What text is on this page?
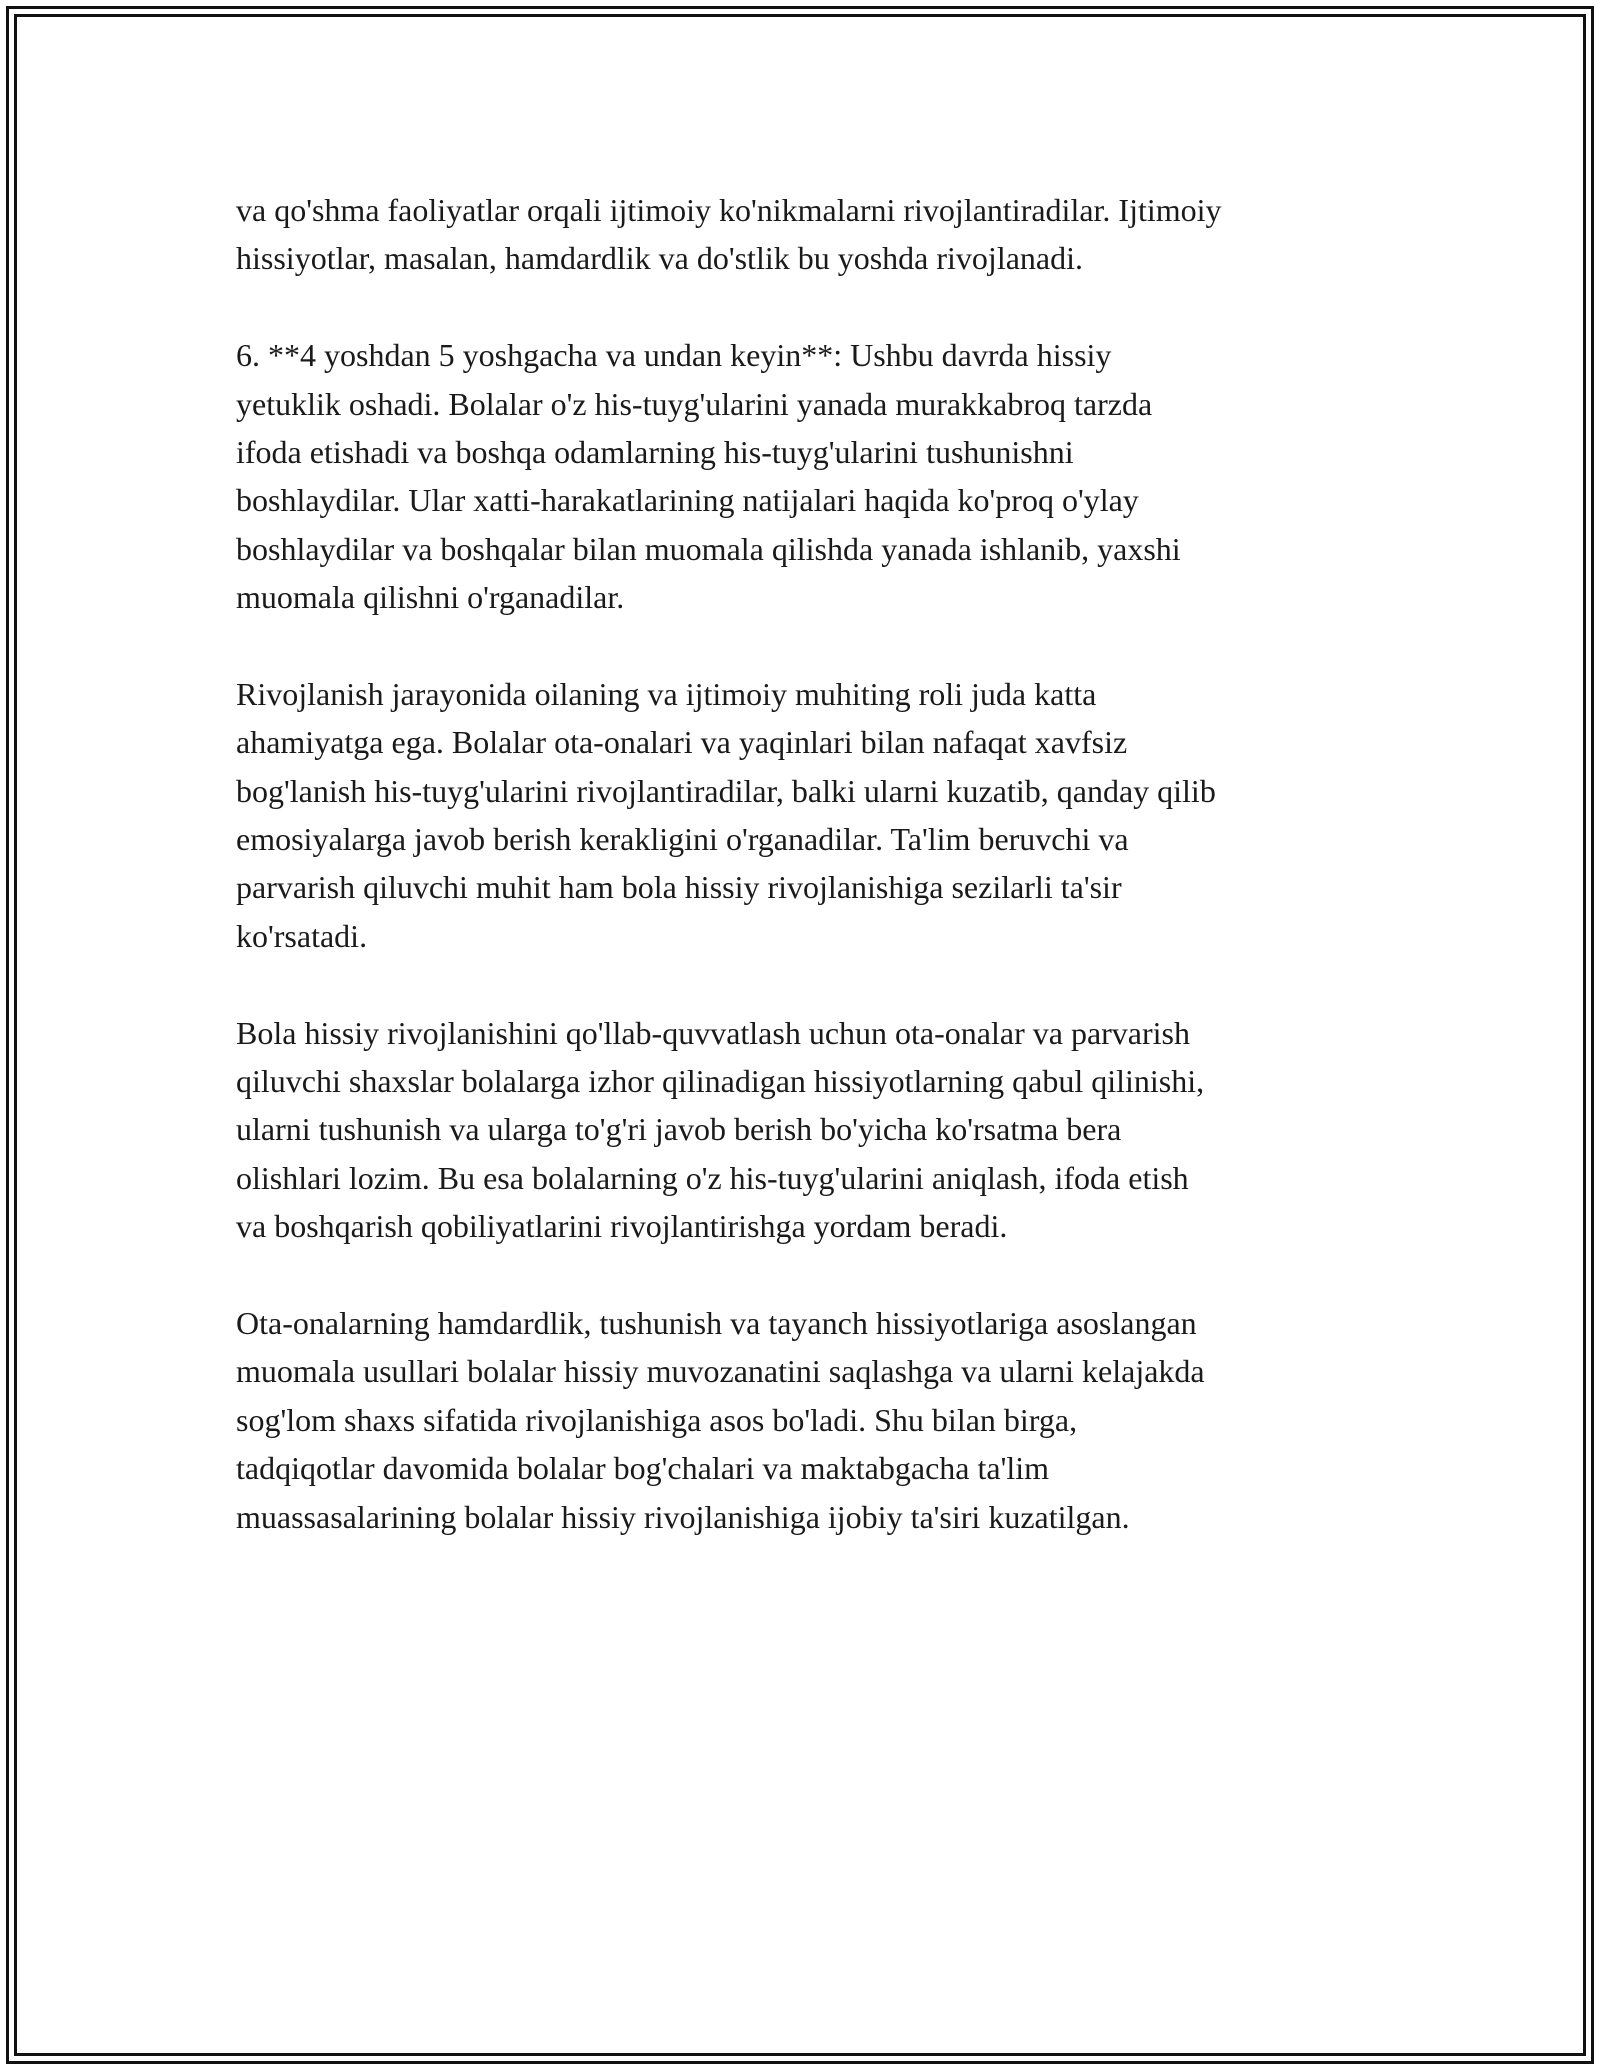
va qo'shma faoliyatlar orqali ijtimoiy ko'nikmalarni rivojlantiradilar. Ijtimoiy
hissiyotlar, masalan, hamdardlik va do'stlik bu yoshda rivojlanadi.
6. **4 yoshdan 5 yoshgacha va undan keyin**: Ushbu davrda hissiy
yetuklik oshadi. Bolalar o'z his-tuyg'ularini yanada murakkabroq tarzda
ifoda etishadi va boshqa odamlarning his-tuyg'ularini tushunishni
boshlaydilar. Ular xatti-harakatlarining natijalari haqida ko'proq o'ylay
boshlaydilar va boshqalar bilan muomala qilishda yanada ishlanib, yaxshi
muomala qilishni o'rganadilar.
Rivojlanish jarayonida oilaning va ijtimoiy muhiting roli juda katta
ahamiyatga ega. Bolalar ota-onalari va yaqinlari bilan nafaqat xavfsiz
bog'lanish his-tuyg'ularini rivojlantiradilar, balki ularni kuzatib, qanday qilib
emosiyalarga javob berish kerakligini o'rganadilar. Ta'lim beruvchi va
parvarish qiluvchi muhit ham bola hissiy rivojlanishiga sezilarli ta'sir
ko'rsatadi.
Bola hissiy rivojlanishini qo'llab-quvvatlash uchun ota-onalar va parvarish
qiluvchi shaxslar bolalarga izhor qilinadigan hissiyotlarning qabul qilinishi,
ularni tushunish va ularga to'g'ri javob berish bo'yicha ko'rsatma bera
olishlari lozim. Bu esa bolalarning o'z his-tuyg'ularini aniqlash, ifoda etish
va boshqarish qobiliyatlarini rivojlantirishga yordam beradi.
Ota-onalarning hamdardlik, tushunish va tayanch hissiyotlariga asoslangan
muomala usullari bolalar hissiy muvozanatini saqlashga va ularni kelajakda
sog'lom shaxs sifatida rivojlanishiga asos bo'ladi. Shu bilan birga,
tadqiqotlar davomida bolalar bog'chalari va maktabgacha ta'lim
muassasalarining bolalar hissiy rivojlanishiga ijobiy ta'siri kuzatilgan.
